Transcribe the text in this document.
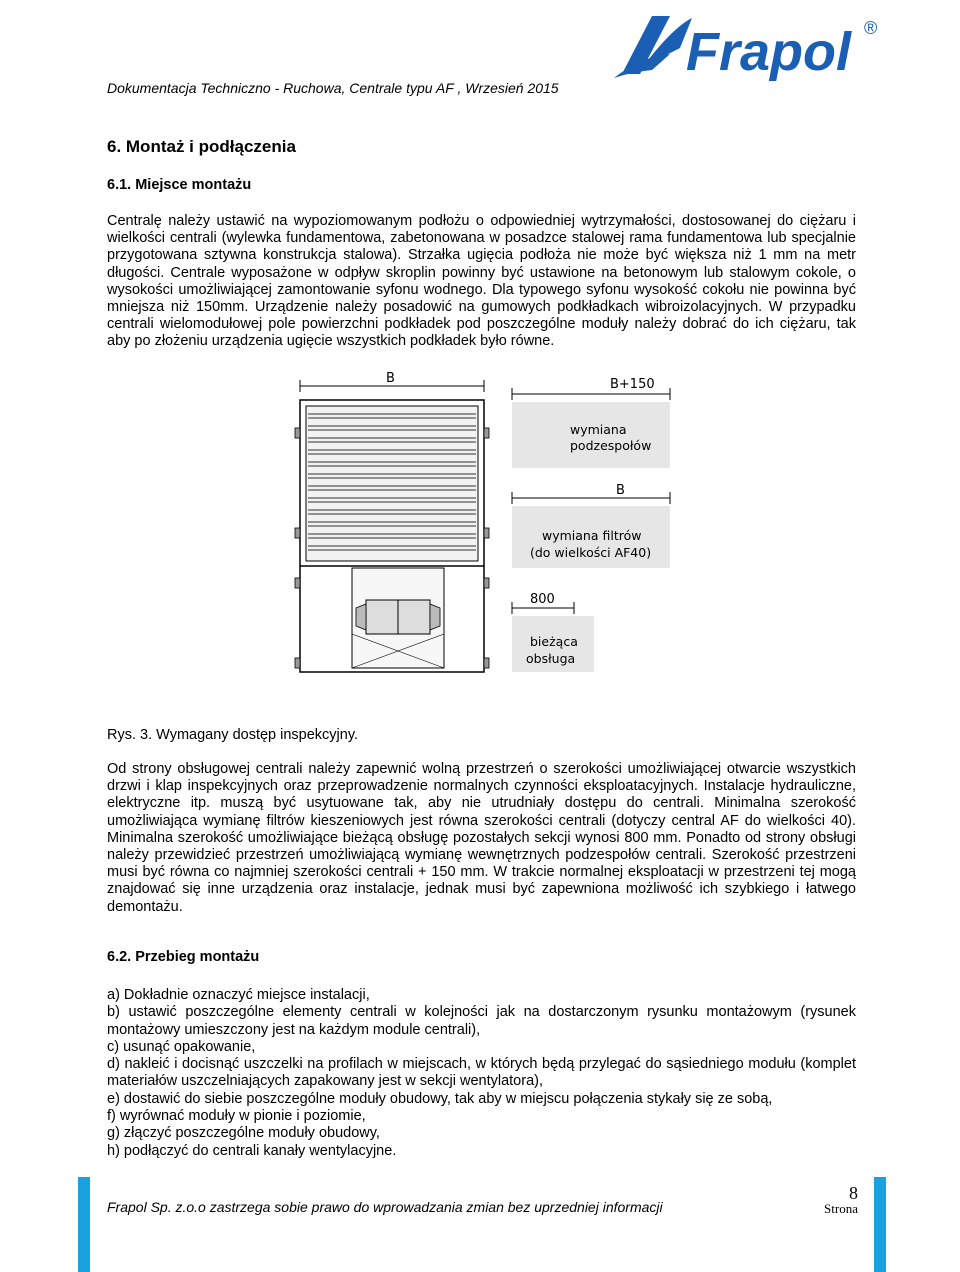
Dokumentacja Techniczno - Ruchowa, Centrale typu AF , Wrzesień 2015
Frapol ®
6. Montaż i podłączenia
6.1. Miejsce montażu
Centralę należy ustawić na wypoziomowanym podłożu o odpowiedniej wytrzymałości, dostosowanej do ciężaru i wielkości centrali (wylewka fundamentowa, zabetonowana w posadzce stalowej rama fundamentowa lub specjalnie przygotowana sztywna konstrukcja stalowa). Strzałka ugięcia podłoża nie może być większa niż 1 mm na metr długości. Centrale wyposażone w odpływ skroplin powinny być ustawione na betonowym lub stalowym cokole, o wysokości umożliwiającej zamontowanie syfonu wodnego. Dla typowego syfonu wysokość cokołu nie powinna być mniejsza niż 150mm. Urządzenie należy posadowić na gumowych podkładkach wibroizolacyjnych. W przypadku centrali wielomodułowej pole powierzchni podkładek pod poszczególne moduły należy dobrać do ich ciężaru, tak aby po złożeniu urządzenia ugięcie wszystkich podkładek było równe.
B	B+150
wymiana
podzespołów
B
wymiana filtrów
(do wielkości AF40)
800
bieżąca
obsługa
Rys. 3. Wymagany dostęp inspekcyjny.
Od strony obsługowej centrali należy zapewnić wolną przestrzeń o szerokości umożliwiającej otwarcie wszystkich drzwi i klap inspekcyjnych oraz przeprowadzenie normalnych czynności eksploatacyjnych. Instalacje hydrauliczne, elektryczne itp. muszą być usytuowane tak, aby nie utrudniały dostępu do centrali. Minimalna szerokość umożliwiająca wymianę filtrów kieszeniowych jest równa szerokości centrali (dotyczy central AF do wielkości 40). Minimalna szerokość umożliwiające bieżącą obsługę pozostałych sekcji wynosi 800 mm. Ponadto od strony obsługi należy przewidzieć przestrzeń umożliwiającą wymianę wewnętrznych podzespołów centrali. Szerokość przestrzeni musi być równa co najmniej szerokości centrali + 150 mm. W trakcie normalnej eksploatacji w przestrzeni tej mogą znajdować się inne urządzenia oraz instalacje, jednak musi być zapewniona możliwość ich szybkiego i łatwego demontażu.
6.2. Przebieg montażu
a) Dokładnie oznaczyć miejsce instalacji,
b) ustawić poszczególne elementy centrali w kolejności jak na dostarczonym rysunku montażowym (rysunek montażowy umieszczony jest na każdym module centrali),
c) usunąć opakowanie,
d) nakleić i docisnąć uszczelki na profilach w miejscach, w których będą przylegać do sąsiedniego modułu (komplet materiałów uszczelniających zapakowany jest w sekcji wentylatora),
e) dostawić do siebie poszczególne moduły obudowy, tak aby w miejscu połączenia stykały się ze sobą,
f) wyrównać moduły w pionie i poziomie,
g) złączyć poszczególne moduły obudowy,
h) podłączyć do centrali kanały wentylacyjne.
Frapol Sp. z.o.o zastrzega sobie prawo do wprowadzania zmian bez uprzedniej informacji
8
Strona
